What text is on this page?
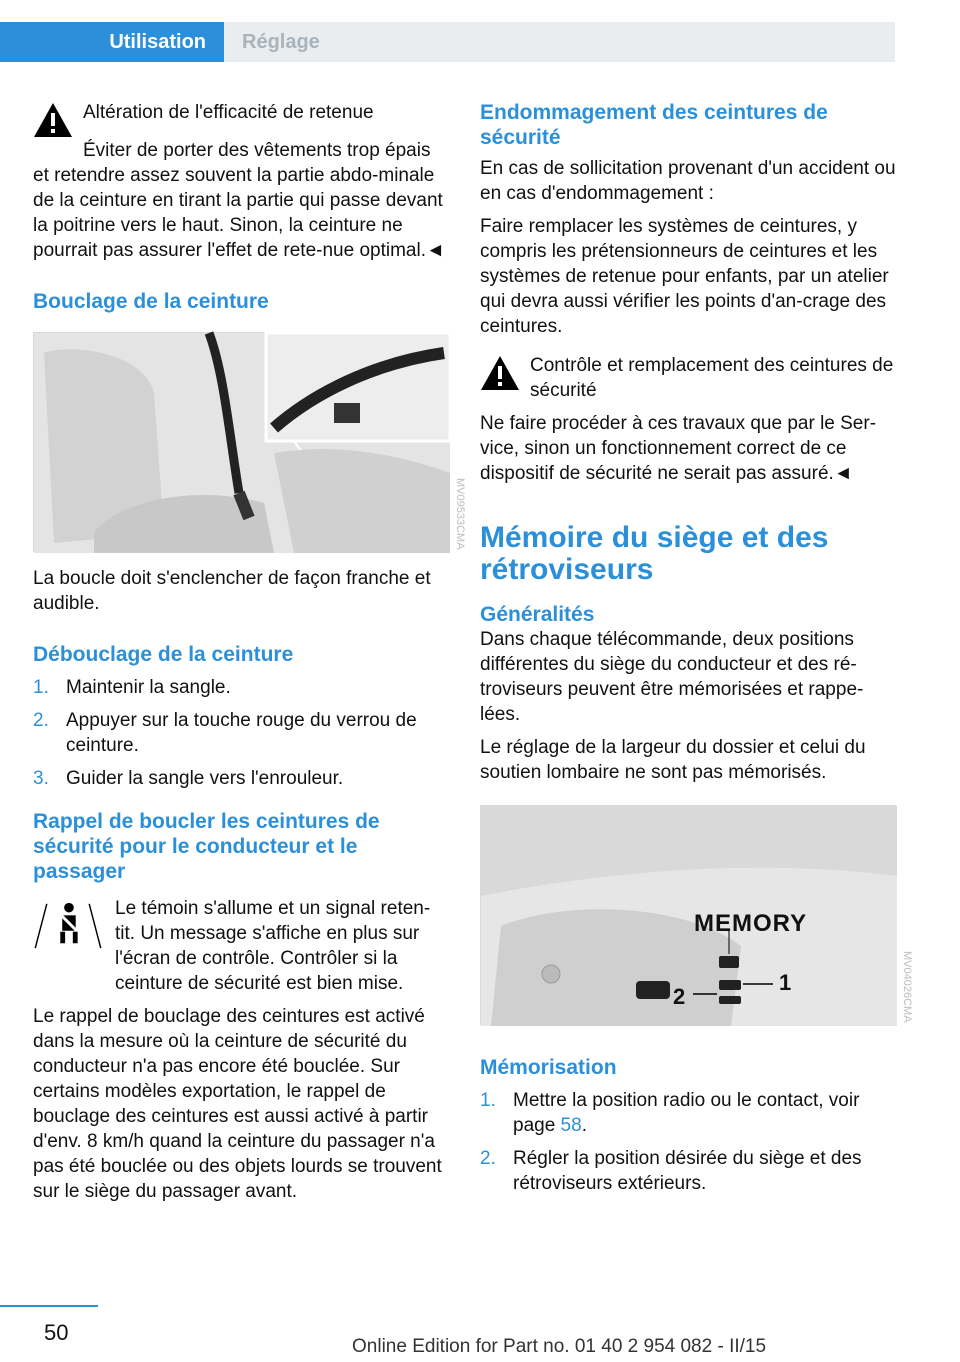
Utilisation	Réglage

Altération de l'efficacité de retenue

Éviter de porter des vêtements trop épais et retendre assez souvent la partie abdo-minale de la ceinture en tirant la partie qui passe devant la poitrine vers le haut. Sinon, la ceinture ne pourrait pas assurer l'effet de rete-nue optimal.◄

Bouclage de la ceinture
MV09533CMA

La boucle doit s'enclencher de façon franche et audible.

Débouclage de la ceinture
1. Maintenir la sangle.
2. Appuyer sur la touche rouge du verrou de ceinture.
3. Guider la sangle vers l'enrouleur.
Rappel de boucler les ceintures de sécurité pour le conducteur et le passager

Le témoin s'allume et un signal reten-tit. Un message s'affiche en plus sur l'écran de contrôle. Contrôler si la ceinture de sécurité est bien mise.

Le rappel de bouclage des ceintures est activé dans la mesure où la ceinture de sécurité du conducteur n'a pas encore été bouclée. Sur certains modèles exportation, le rappel de bouclage des ceintures est aussi activé à partir d'env. 8 km/h quand la ceinture du passager n'a pas été bouclée ou des objets lourds se trouvent sur le siège du passager avant.

Endommagement des ceintures de sécurité

En cas de sollicitation provenant d'un accident ou en cas d'endommagement :

Faire remplacer les systèmes de ceintures, y compris les prétensionneurs de ceintures et les systèmes de retenue pour enfants, par un atelier qui devra aussi vérifier les points d'an-crage des ceintures.

Contrôle et remplacement des ceintures de sécurité

Ne faire procéder à ces travaux que par le Ser-vice, sinon un fonctionnement correct de ce dispositif de sécurité ne serait pas assuré.◄

Mémoire du siège et des rétroviseurs
Généralités

Dans chaque télécommande, deux positions différentes du siège du conducteur et des ré-troviseurs peuvent être mémorisées et rappe-lées.

Le réglage de la largeur du dossier et celui du soutien lombaire ne sont pas mémorisés.

MEMORY
1
2	MV04026CMA
Mémorisation
1. Mettre la position radio ou le contact, voir page 58.
2. Régler la position désirée du siège et des rétroviseurs extérieurs.
50
Online Edition for Part no. 01 40 2 954 082 - II/15
